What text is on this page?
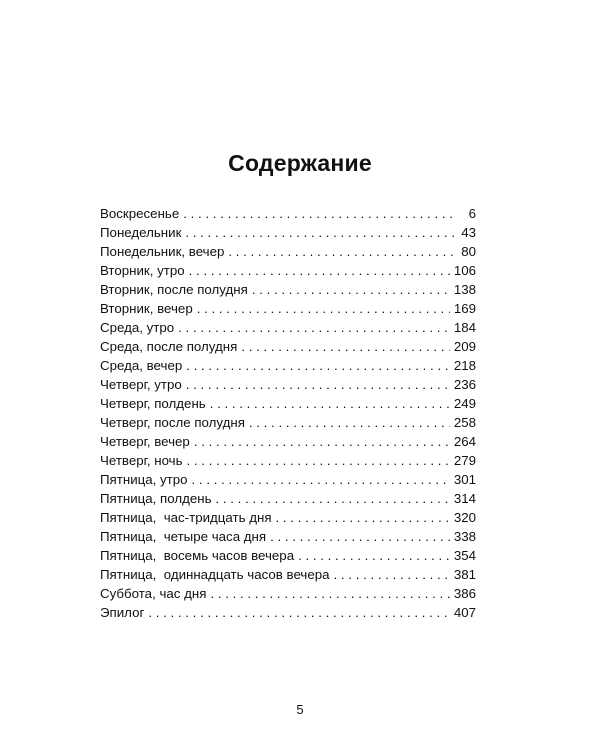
Содержание
Воскресенье . . .	6
Понедельник . . .	43
Понедельник, вечер . . .	80
Вторник, утро . . .	106
Вторник, после полудня . . .	138
Вторник, вечер . . .	169
Среда, утро . . .	184
Среда, после полудня . . .	209
Среда, вечер . . .	218
Четверг, утро . . .	236
Четверг, полдень . . .	249
Четверг, после полудня . . .	258
Четверг, вечер . . .	264
Четверг, ночь . . .	279
Пятница, утро . . .	301
Пятница, полдень . . .	314
Пятница,  час-тридцать дня . . .	320
Пятница,  четыре часа дня . . .	338
Пятница,  восемь часов вечера . . .	354
Пятница,  одиннадцать часов вечера . . .	381
Суббота, час дня . . .	386
Эпилог . . .	407
5
